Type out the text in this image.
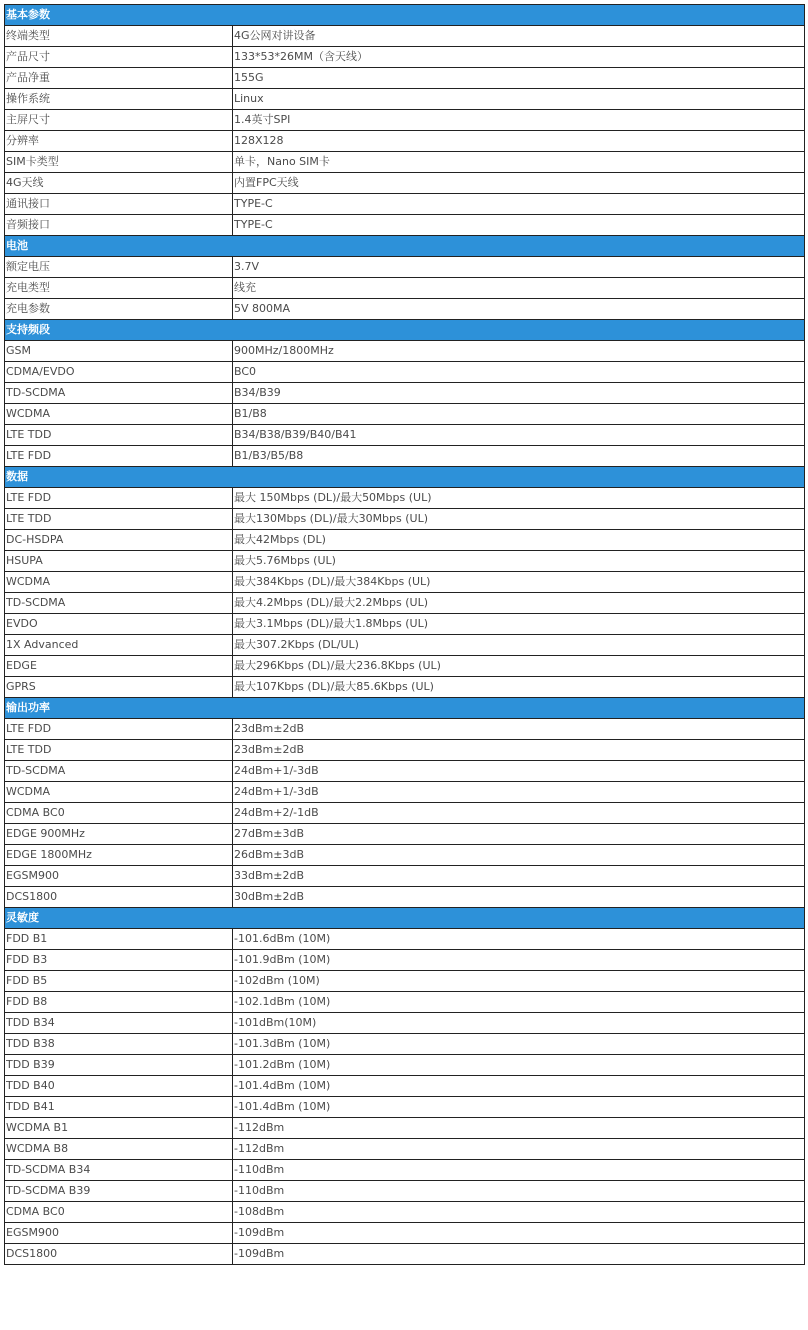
基本参数	
终端类型	4G公网对讲设备
产品尺寸	133*53*26MM（含天线）
产品净重	155G
操作系统	Linux
主屏尺寸	1.4英寸SPI
分辨率	128X128
SIM卡类型	单卡，Nano SIM卡
4G天线	内置FPC天线
通讯接口	TYPE-C
音频接口	TYPE-C
电池	
额定电压	3.7V
充电类型	线充
充电参数	5V 800MA
支持频段	
GSM	900MHz/1800MHz
CDMA/EVDO	BC0
TD-SCDMA	B34/B39
WCDMA	B1/B8
LTE TDD	B34/B38/B39/B40/B41
LTE FDD	B1/B3/B5/B8
数据	
LTE FDD	最大 150Mbps (DL)/最大50Mbps (UL)
LTE TDD	最大130Mbps (DL)/最大30Mbps (UL)
DC-HSDPA	最大42Mbps (DL)
HSUPA	最大5.76Mbps (UL)
WCDMA	最大384Kbps (DL)/最大384Kbps (UL)
TD-SCDMA	最大4.2Mbps (DL)/最大2.2Mbps (UL)
EVDO	最大3.1Mbps (DL)/最大1.8Mbps (UL)
1X Advanced	最大307.2Kbps (DL/UL)
EDGE	最大296Kbps (DL)/最大236.8Kbps (UL)
GPRS	最大107Kbps (DL)/最大85.6Kbps (UL)
输出功率	
LTE FDD	23dBm±2dB
LTE TDD	23dBm±2dB
TD-SCDMA	24dBm+1/-3dB
WCDMA	24dBm+1/-3dB
CDMA BC0	24dBm+2/-1dB
EDGE 900MHz	27dBm±3dB
EDGE 1800MHz	26dBm±3dB
EGSM900	33dBm±2dB
DCS1800	30dBm±2dB
灵敏度	
FDD B1	-101.6dBm (10M)
FDD B3	-101.9dBm (10M)
FDD B5	-102dBm (10M)
FDD B8	-102.1dBm (10M)
TDD B34	-101dBm(10M)
TDD B38	-101.3dBm (10M)
TDD B39	-101.2dBm (10M)
TDD B40	-101.4dBm (10M)
TDD B41	-101.4dBm (10M)
WCDMA B1	-112dBm
WCDMA B8	-112dBm
TD-SCDMA B34	-110dBm
TD-SCDMA B39	-110dBm
CDMA BC0	-108dBm
EGSM900	-109dBm
DCS1800	-109dBm
